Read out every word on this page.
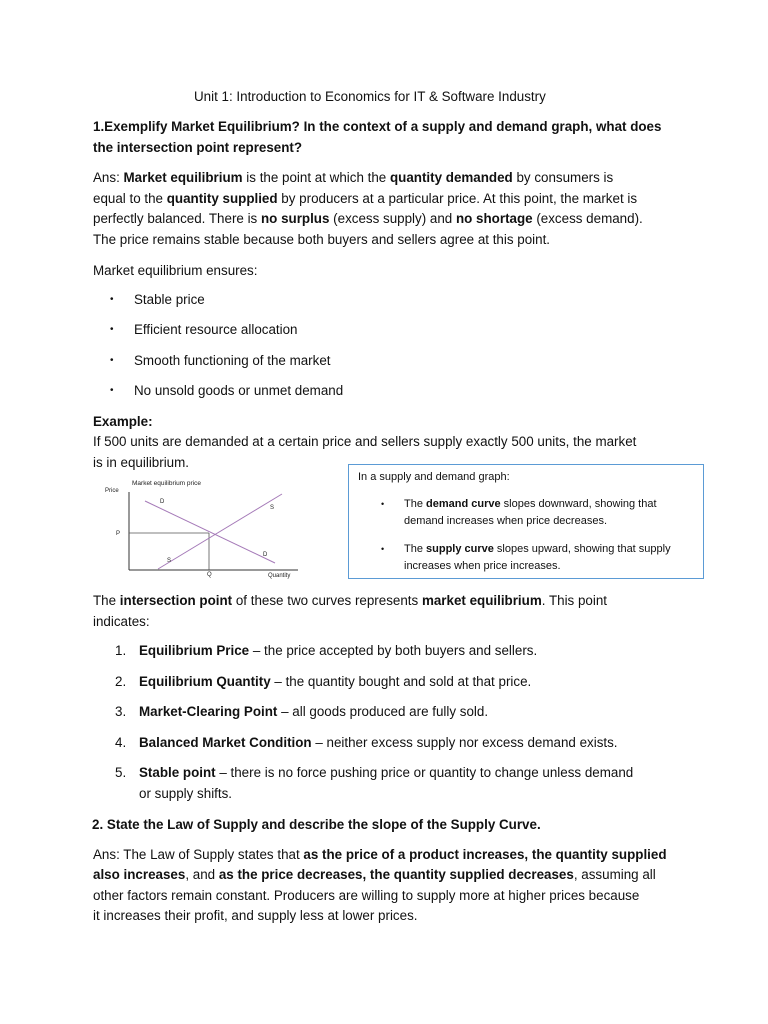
Unit 1: Introduction to Economics for IT & Software Industry
1.Exemplify Market Equilibrium? In the context of a supply and demand graph, what does
the intersection point represent?
Ans: Market equilibrium is the point at which the quantity demanded by consumers is
equal to the quantity supplied by producers at a particular price. At this point, the market is
perfectly balanced. There is no surplus (excess supply) and no shortage (excess demand).
The price remains stable because both buyers and sellers agree at this point.
Market equilibrium ensures:
• Stable price
• Efficient resource allocation
• Smooth functioning of the market
• No unsold goods or unmet demand
Example:
If 500 units are demanded at a certain price and sellers supply exactly 500 units, the market
is in equilibrium.
Market equilibrium price
Price
D
D
S
S
P
Q	Quantity
In a supply and demand graph:
• The demand curve slopes downward, showing that
demand increases when price decreases.
• The supply curve slopes upward, showing that supply
increases when price increases.
The intersection point of these two curves represents market equilibrium. This point
indicates:
1. Equilibrium Price – the price accepted by both buyers and sellers.
2. Equilibrium Quantity – the quantity bought and sold at that price.
3. Market-Clearing Point – all goods produced are fully sold.
4. Balanced Market Condition – neither excess supply nor excess demand exists.
5. Stable point – there is no force pushing price or quantity to change unless demand
or supply shifts.
2. State the Law of Supply and describe the slope of the Supply Curve.
Ans: The Law of Supply states that as the price of a product increases, the quantity supplied
also increases, and as the price decreases, the quantity supplied decreases, assuming all
other factors remain constant. Producers are willing to supply more at higher prices because
it increases their profit, and supply less at lower prices.
